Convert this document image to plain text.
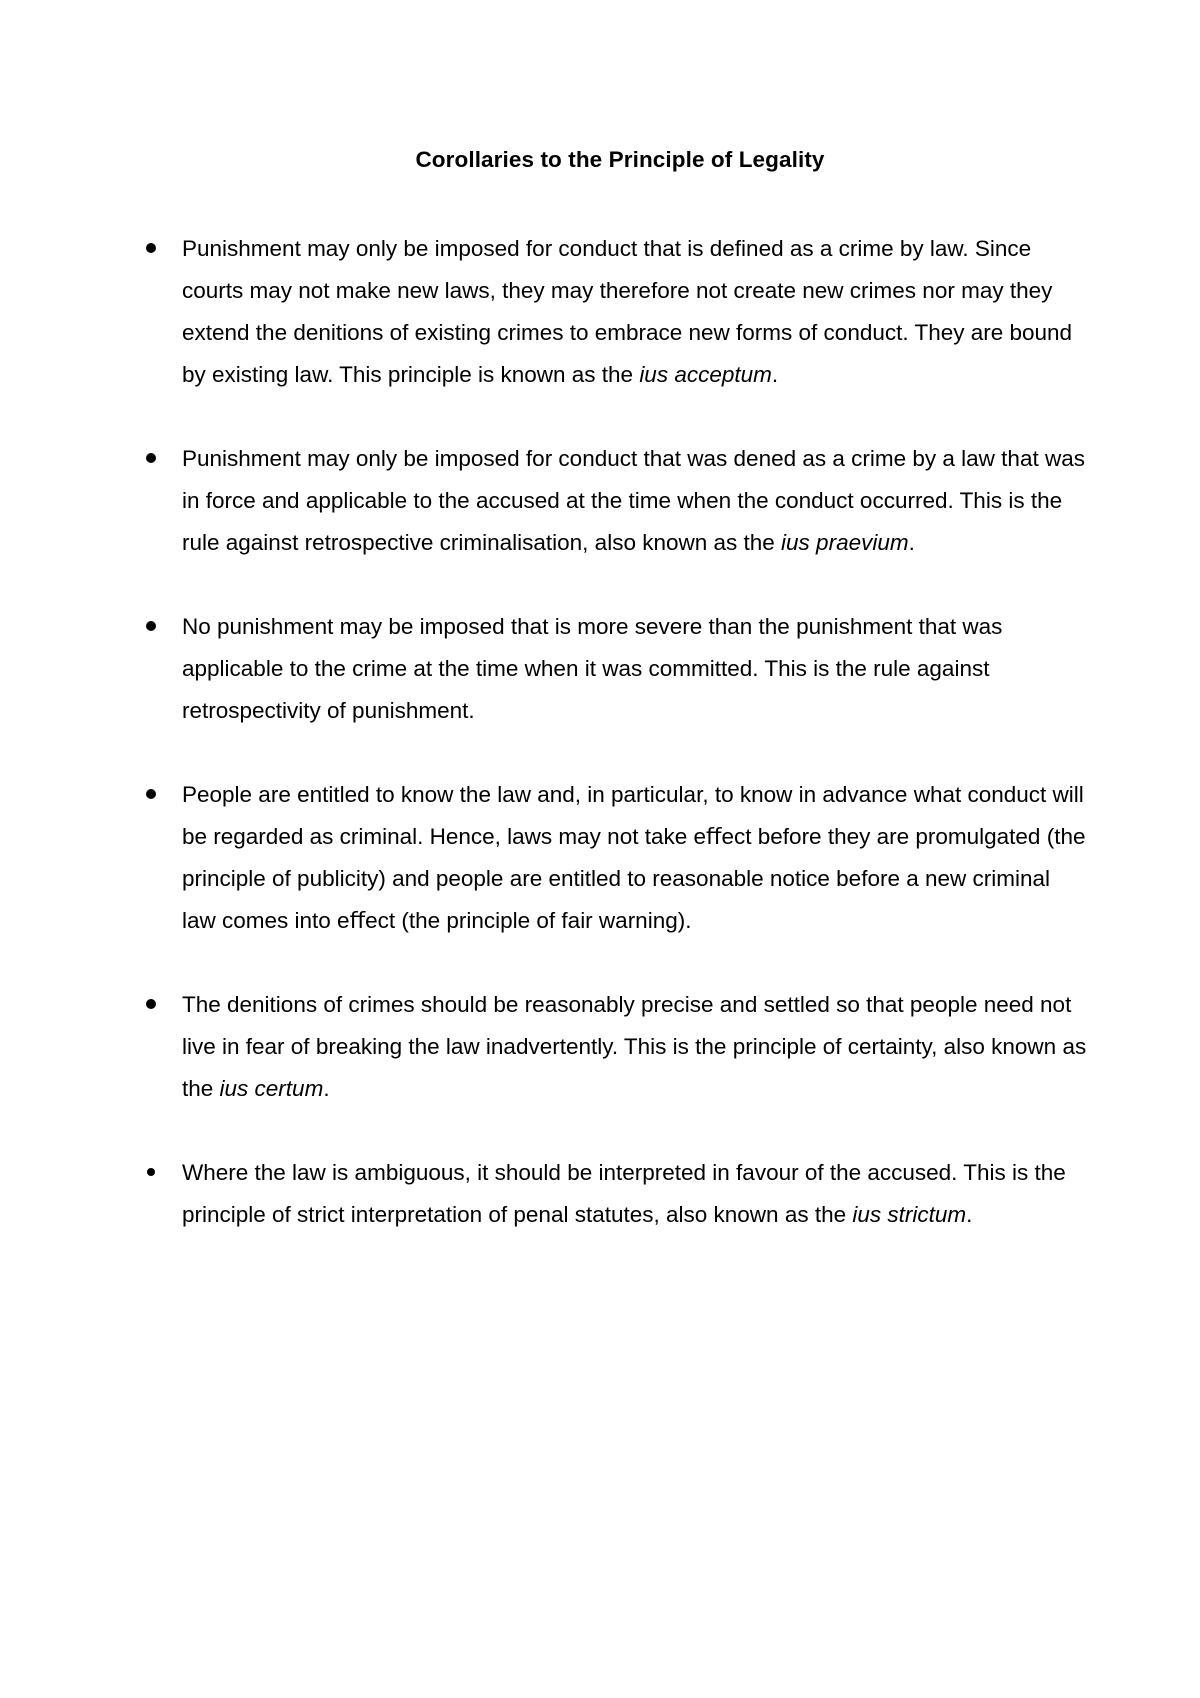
Corollaries to the Principle of Legality

Punishment may only be imposed for conduct that is defined as a crime by law. Since courts may not make new laws, they may therefore not create new crimes nor may they extend the denitions of existing crimes to embrace new forms of conduct. They are bound by existing law. This principle is known as the ius acceptum.

Punishment may only be imposed for conduct that was dened as a crime by a law that was in force and applicable to the accused at the time when the conduct occurred. This is the rule against retrospective criminalisation, also known as the ius praevium.

No punishment may be imposed that is more severe than the punishment that was applicable to the crime at the time when it was committed. This is the rule against retrospectivity of punishment.

People are entitled to know the law and, in particular, to know in advance what conduct will be regarded as criminal. Hence, laws may not take eﬀect before they are promulgated (the principle of publicity) and people are entitled to reasonable notice before a new criminal law comes into eﬀect (the principle of fair warning).

The denitions of crimes should be reasonably precise and settled so that people need not live in fear of breaking the law inadvertently. This is the principle of certainty, also known as the ius certum.

Where the law is ambiguous, it should be interpreted in favour of the accused. This is the principle of strict interpretation of penal statutes, also known as the ius strictum.
